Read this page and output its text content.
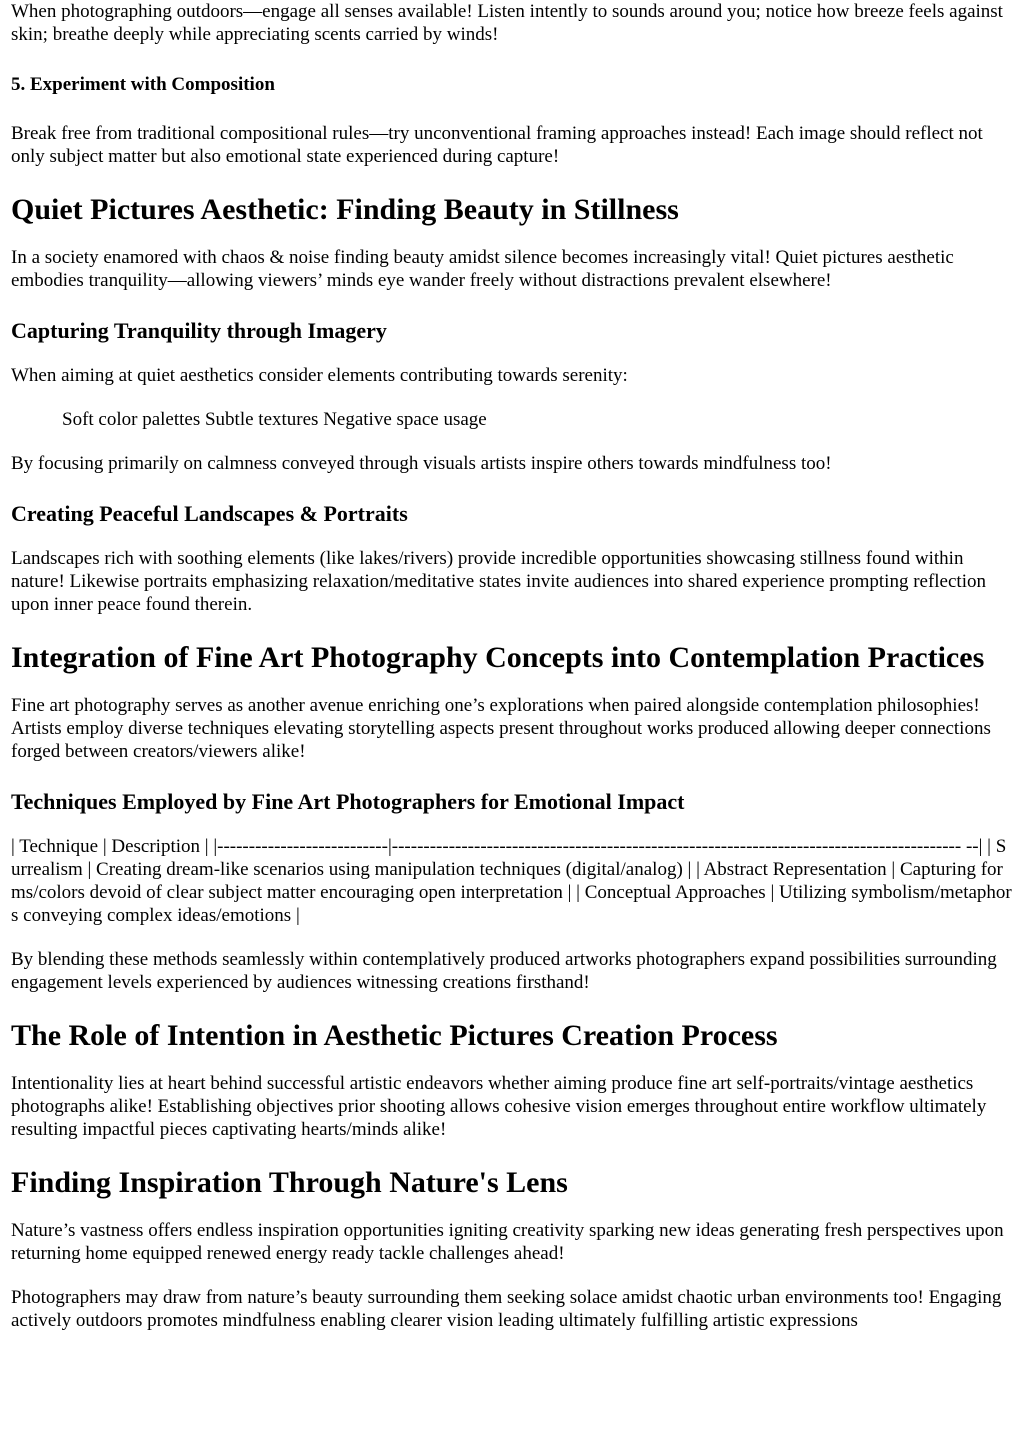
When photographing outdoors—engage all senses available! Listen intently to sounds around you; notice how breeze feels against skin; breathe deeply while appreciating scents carried by winds!

5. Experiment with Composition

Break free from traditional compositional rules—try unconventional framing approaches instead! Each image should reflect not only subject matter but also emotional state experienced during capture!

Quiet Pictures Aesthetic: Finding Beauty in Stillness

In a society enamored with chaos & noise finding beauty amidst silence becomes increasingly vital! Quiet pictures aesthetic embodies tranquility—allowing viewers’ minds eye wander freely without distractions prevalent elsewhere!

Capturing Tranquility through Imagery

When aiming at quiet aesthetics consider elements contributing towards serenity:

Soft color palettes Subtle textures Negative space usage

By focusing primarily on calmness conveyed through visuals artists inspire others towards mindfulness too!

Creating Peaceful Landscapes & Portraits

Landscapes rich with soothing elements (like lakes/rivers) provide incredible opportunities showcasing stillness found within nature! Likewise portraits emphasizing relaxation/meditative states invite audiences into shared experience prompting reflection upon inner peace found therein.

Integration of Fine Art Photography Concepts into Contemplation Practices

Fine art photography serves as another avenue enriching one’s explorations when paired alongside contemplation philosophies! Artists employ diverse techniques elevating storytelling aspects present throughout works produced allowing deeper connections forged between creators/viewers alike!

Techniques Employed by Fine Art Photographers for Emotional Impact

| Technique | Description | |---------------------------|------------------------------------------------------------------------------------------ --| | Surrealism | Creating dream-like scenarios using manipulation techniques (digital/analog) | | Abstract Representation | Capturing forms/colors devoid of clear subject matter encouraging open interpretation | | Conceptual Approaches | Utilizing symbolism/metaphors conveying complex ideas/emotions |

By blending these methods seamlessly within contemplatively produced artworks photographers expand possibilities surrounding engagement levels experienced by audiences witnessing creations firsthand!

The Role of Intention in Aesthetic Pictures Creation Process

Intentionality lies at heart behind successful artistic endeavors whether aiming produce fine art self-portraits/vintage aesthetics photographs alike! Establishing objectives prior shooting allows cohesive vision emerges throughout entire workflow ultimately resulting impactful pieces captivating hearts/minds alike!

Finding Inspiration Through Nature's Lens

Nature’s vastness offers endless inspiration opportunities igniting creativity sparking new ideas generating fresh perspectives upon returning home equipped renewed energy ready tackle challenges ahead!

Photographers may draw from nature’s beauty surrounding them seeking solace amidst chaotic urban environments too! Engaging actively outdoors promotes mindfulness enabling clearer vision leading ultimately fulfilling artistic expressions
